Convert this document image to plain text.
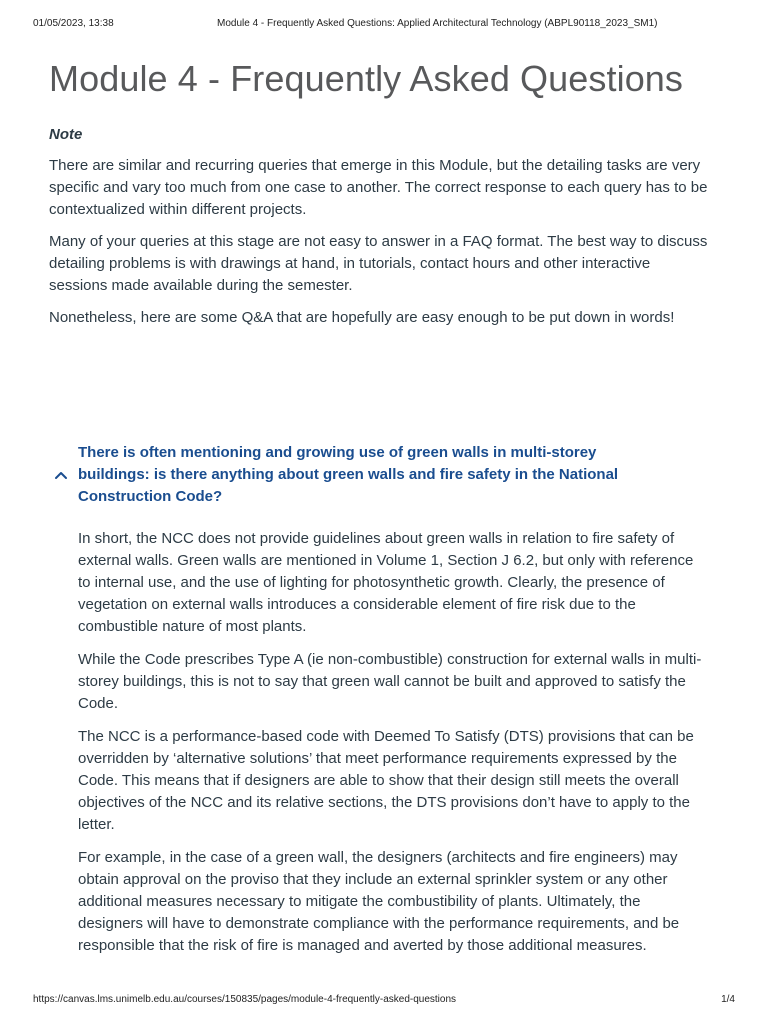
01/05/2023, 13:38	Module 4 - Frequently Asked Questions: Applied Architectural Technology (ABPL90118_2023_SM1)
Module 4 - Frequently Asked Questions
Note

There are similar and recurring queries that emerge in this Module, but the detailing tasks are very specific and vary too much from one case to another. The correct response to each query has to be contextualized within different projects.

Many of your queries at this stage are not easy to answer in a FAQ format. The best way to discuss detailing problems is with drawings at hand, in tutorials, contact hours and other interactive sessions made available during the semester.

Nonetheless, here are some Q&A that are hopefully are easy enough to be put down in words!

There is often mentioning and growing use of green walls in multi-storey buildings: is there anything about green walls and fire safety in the National Construction Code?

In short, the NCC does not provide guidelines about green walls in relation to fire safety of external walls. Green walls are mentioned in Volume 1, Section J 6.2, but only with reference to internal use, and the use of lighting for photosynthetic growth. Clearly, the presence of vegetation on external walls introduces a considerable element of fire risk due to the combustible nature of most plants.

While the Code prescribes Type A (ie non-combustible) construction for external walls in multi-storey buildings, this is not to say that green wall cannot be built and approved to satisfy the Code.

The NCC is a performance-based code with Deemed To Satisfy (DTS) provisions that can be overridden by ‘alternative solutions’ that meet performance requirements expressed by the Code. This means that if designers are able to show that their design still meets the overall objectives of the NCC and its relative sections, the DTS provisions don’t have to apply to the letter.

For example, in the case of a green wall, the designers (architects and fire engineers) may obtain approval on the proviso that they include an external sprinkler system or any other additional measures necessary to mitigate the combustibility of plants. Ultimately, the designers will have to demonstrate compliance with the performance requirements, and be responsible that the risk of fire is managed and averted by those additional measures.

https://canvas.lms.unimelb.edu.au/courses/150835/pages/module-4-frequently-asked-questions	1/4
